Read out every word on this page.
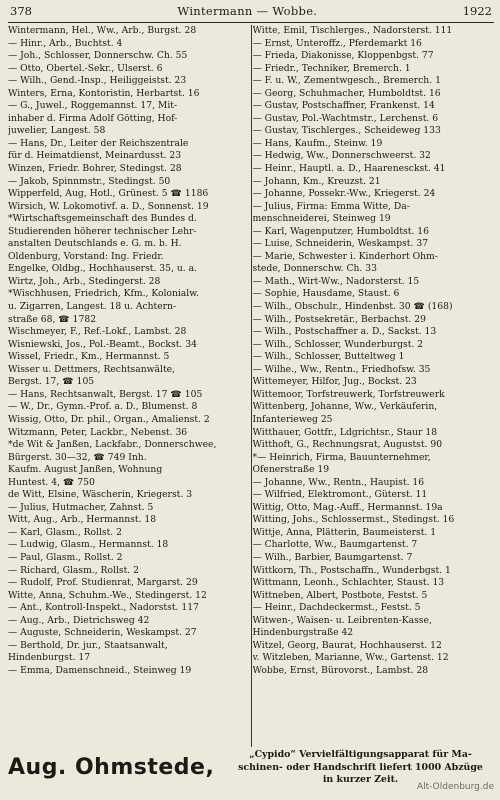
378	Wintermann — Wobbe.	1922
Wintermann, Hel., Ww., Arb., Burgst. 28
— Hinr., Arb., Buchtst. 4
— Joh., Schlosser, Donnerschw. Ch. 55
— Otto, Obertel.-Sekr., Ulserst. 6
— Wilh., Gend.-Insp., Heiliggeistst. 23
Winters, Erna, Kontoristin, Herbartst. 16
— G., Juwel., Roggemannst. 17, Mit-
inhaber d. Firma Adolf Götting, Hof-
juwelier, Langest. 58
— Hans, Dr., Leiter der Reichszentrale
für d. Heimatdienst, Meinardusst. 23
Winzen, Friedr. Bohrer, Stedingst. 28
— Jakob, Spinnmstr., Stedingst. 50
Wipperfeld, Aug, Hotl., Grünest. 5 ☎ 1186
Wirsich, W. Lokomotivf. a. D., Sonnenst. 19
*Wirtschaftsgemeinschaft des Bundes d.
Studierenden höherer technischer Lehr-
anstalten Deutschlands e. G. m. b. H.
Oldenburg, Vorstand: Ing. Friedr.
Engelke, Oldbg., Hochhauserst. 35, u. a.
Wirtz, Joh., Arb., Stedingerst. 28
*Wischhusen, Friedrich, Kfm., Kolonialw.
u. Zigarren, Langest. 18 u. Achtern-
straße 68, ☎ 1782
Wischmeyer, F., Ref.-Lokf., Lambst. 28
Wisniewski, Jos., Pol.-Beamt., Bockst. 34
Wissel, Friedr., Km., Hermannst. 5
Wisser u. Dettmers, Rechtsanwälte,
Bergst. 17, ☎ 105
— Hans, Rechtsanwalt, Bergst. 17 ☎ 105
— W., Dr., Gymn.-Prof. a. D., Blumenst. 8
Wissig, Otto, Dr. phil., Organ., Amalienst. 2
Witzmann, Peter, Lackbr., Nebenst. 36
*de Wit & Janßen, Lackfabr., Donnerschwee,
Bürgerst. 30—32, ☎ 749 Inh.
Kaufm. August Janßen, Wohnung
Huntest. 4, ☎ 750
de Witt, Elsine, Wäscherin, Kriegerst. 3
— Julius, Hutmacher, Zahnst. 5
Witt, Aug., Arb., Hermannst. 18
— Karl, Glasm., Rollst. 2
— Ludwig, Glasm., Hermannst. 18
— Paul, Glasm., Rollst. 2
— Richard, Glasm., Rollst. 2
— Rudolf, Prof. Studienrat, Margarst. 29
Witte, Anna, Schuhm.-We., Stedingerst. 12
— Ant., Kontroll-Inspekt., Nadorstst. 117
— Aug., Arb., Dietrichsweg 42
— Auguste, Schneiderin, Weskampst. 27
— Berthold, Dr. jur., Staatsanwalt,
Hindenburgst. 17
— Emma, Damenschneid., Steinweg 19
Witte, Emil, Tischlerges., Nadorsterst. 111
— Ernst, Unteroffz., Pferdemarkt 16
— Frieda, Diakonisse, Kloppenbgst. 77
— Friedr., Techniker, Bremerch. 1
— F. u. W., Zementwgesch., Bremerch. 1
— Georg, Schuhmacher, Humboldtst. 16
— Gustav, Postschaffner, Frankenst. 14
— Gustav, Pol.-Wachtmstr., Lerchenst. 6
— Gustav, Tischlerges., Scheideweg 133
— Hans, Kaufm., Steinw. 19
— Hedwig, Ww., Donnerschweerst. 32
— Heinr., Hauptl. a. D., Haarenesckst. 41
— Johann, Km., Kreuzst. 21
— Johanne, Possekr.-Ww., Kriegerst. 24
— Julius, Firma: Emma Witte, Da-
menschneiderei, Steinweg 19
— Karl, Wagenputzer, Humboldtst. 16
— Luise, Schneiderin, Weskampst. 37
— Marie, Schwester i. Kinderhort Ohm-
stede, Donnerschw. Ch. 33
— Math., Wirt-Ww., Nadorsterst. 15
— Sophie, Hausdame, Staust. 6
— Wilh., Obschulr., Hindenbst. 30 ☎ (168)
— Wilh., Postsekretär., Berbachst. 29
— Wilh., Postschaffner a. D., Sackst. 13
— Wilh., Schlosser, Wunderburgst. 2
— Wilh., Schlosser, Butteltweg 1
— Wilhe., Ww., Rentn., Friedhofsw. 35
Wittemeyer, Hilfor, Jug., Bockst. 23
Wittemoor, Torfstreuwerk, Torfstreuwerk
Wittenberg, Johanne, Ww., Verkäuferin,
Infanterieweg 25
Witthauer, Gottfr., Ldgrichtsr., Staur 18
Witthoft, G., Rechnungsrat, Augustst. 90
*— Heinrich, Firma, Bauunternehmer,
Ofenerstraße 19
— Johanne, Ww., Rentn., Haupist. 16
— Wilfried, Elektromont., Güterst. 11
Wittig, Otto, Mag.-Auff., Hermannst. 19a
Witting, Johs., Schlossermst., Stedingst. 16
Wittje, Anna, Plätterin, Baumeisterst. 1
— Charlotte, Ww., Baumgartenst. 7
— Wilh., Barbier, Baumgartenst. 7
Wittkorn, Th., Postschaffn., Wunderbgst. 1
Wittmann, Leonh., Schlachter, Staust. 13
Wittneben, Albert, Postbote, Festst. 5
— Heinr., Dachdeckermst., Festst. 5
Witwen-, Waisen- u. Leibrenten-Kasse,
Hindenburgstraße 42
Witzel, Georg, Baurat, Hochhauserst. 12
v. Witzleben, Marianne, Ww., Gartenst. 12
Wobbe, Ernst, Bürovorst., Lambst. 28
Aug. Ohmstede,
„Cypido“ Vervielfältigungsapparat für Ma-
schinen- oder Handschrift liefert 1000 Abzüge
in kurzer Zeit.
Alt-Oldenburg.de
